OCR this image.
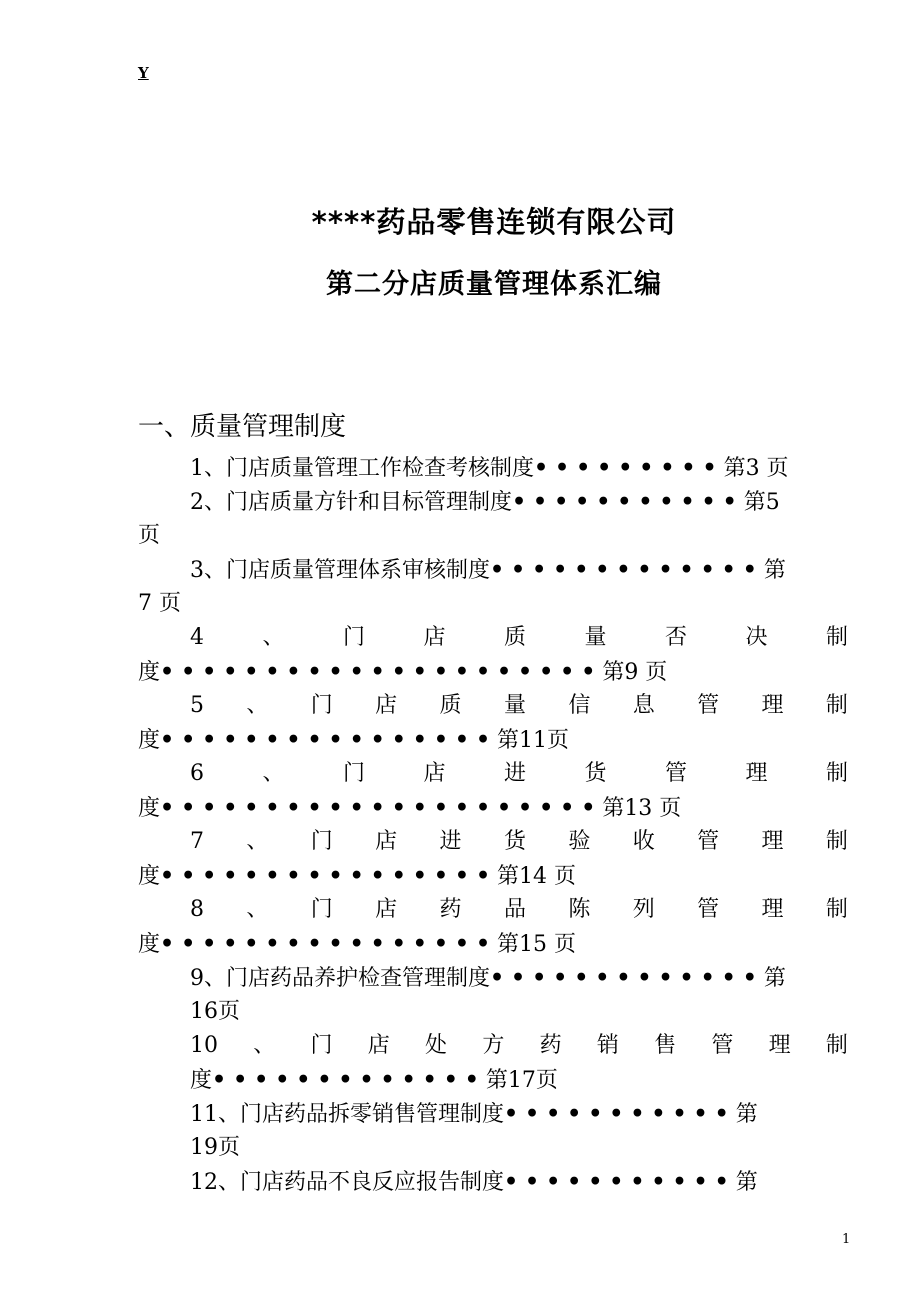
Y
****药品零售连锁有限公司
第二分店质量管理体系汇编
一、质量管理制度
1、门店质量管理工作检查考核制度•••••••••第3 页
2、门店质量方针和目标管理制度•••••••••••第5
页
3、门店质量管理体系审核制度•••••••••••••第
7 页
4	、	门	店	质	量	否	决	制
度•••••••••••••••••••••第9 页
5 、 门 店 质 量 信 息 管 理 制
度••••••••••••••••第11页
6	、	门	店	进	货	管	理	制
度•••••••••••••••••••••第13 页
7 、 门 店 进 货 验 收 管 理 制
度••••••••••••••••第14 页
8 、 门 店 药 品 陈 列 管 理 制
度••••••••••••••••第15 页
9、门店药品养护检查管理制度•••••••••••••第
16页
10 、 门 店 处 方 药 销 售 管 理 制
度•••••••••••••第17页
11、门店药品拆零销售管理制度•••••••••••第
19页
12、门店药品不良反应报告制度•••••••••••第
1
